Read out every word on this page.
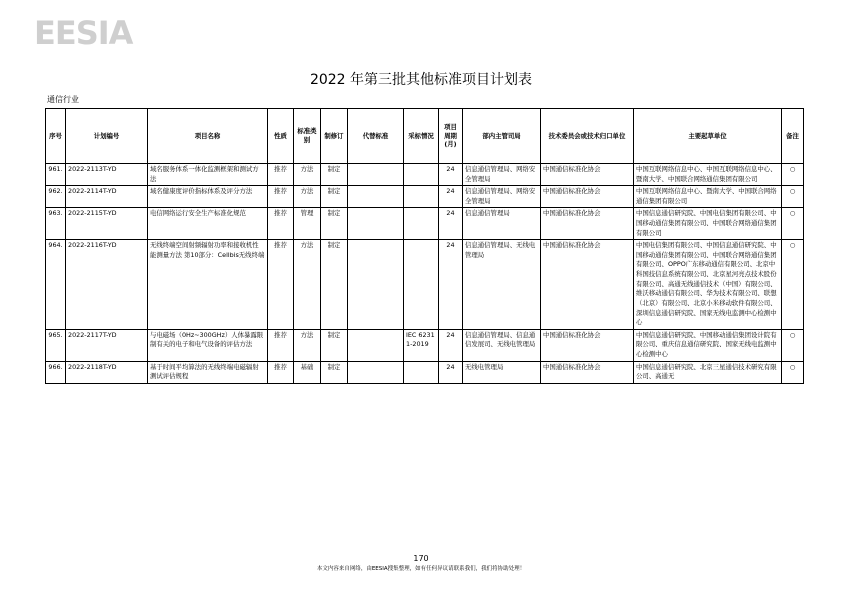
EESIA
2022 年第三批其他标准项目计划表
通信行业
序号	计划编号	项目名称	性质	标准类别	制修订	代替标准	采标情况	项目周期(月)	部内主管司局	技术委员会或技术归口单位	主要起草单位	备注
961.	2022-2113T-YD	域名服务体系一体化监测框架和测试方法	推荐	方法	制定			24	信息通信管理局、网络安全管理局	中国通信标准化协会	中国互联网络信息中心、中国互联网络信息中心、暨南大学、中国联合网络通信集团有限公司	○
962.	2022-2114T-YD	域名健康度评价指标体系及评分方法	推荐	方法	制定			24	信息通信管理局、网络安全管理局	中国通信标准化协会	中国互联网络信息中心、暨南大学、中国联合网络通信集团有限公司	○
963.	2022-2115T-YD	电信网络运行安全生产标准化规范	推荐	管理	制定			24	信息通信管理局	中国通信标准化协会	中国信息通信研究院、中国电信集团有限公司、中国移动通信集团有限公司、中国联合网络通信集团有限公司	○
964.	2022-2116T-YD	无线终端空间射频辐射功率和接收机性能测量方法 第10部分：Cellbis无线终端	推荐	方法	制定			24	信息通信管理局、无线电管理局	中国通信标准化协会	中国电信集团有限公司、中国信息通信研究院、中国移动通信集团有限公司、中国联合网络通信集团有限公司、OPPO广东移动通信有限公司、北京中科国技信息系统有限公司、北京星河亮点技术股份有限公司、高通无线通信技术（中国）有限公司、维沃移动通信有限公司、华为技术有限公司、联想（北京）有限公司、北京小米移动软件有限公司、深圳信息通信研究院、国家无线电监测中心检测中心	○
965.	2022-2117T-YD	与电磁场（0Hz~300GHz）人体暴露限制有关的电子和电气设备的评估方法	推荐	方法	制定		IEC 62311-2019	24	信息通信管理局、信息通信发展司、无线电管理局	中国通信标准化协会	中国信息通信研究院、中国移动通信集团设计院有限公司、重庆信息通信研究院、国家无线电监测中心检测中心	○
966.	2022-2118T-YD	基于时间平均算法的无线终端电磁辐射测试评估规程	推荐	基础	制定			24	无线电管理局	中国通信标准化协会	中国信息通信研究院、北京三星通信技术研究有限公司、高通无	○
170
本文内容来自网络，由EESIA搜集整理，如有任何异议请联系我们，我们将协助处理！
